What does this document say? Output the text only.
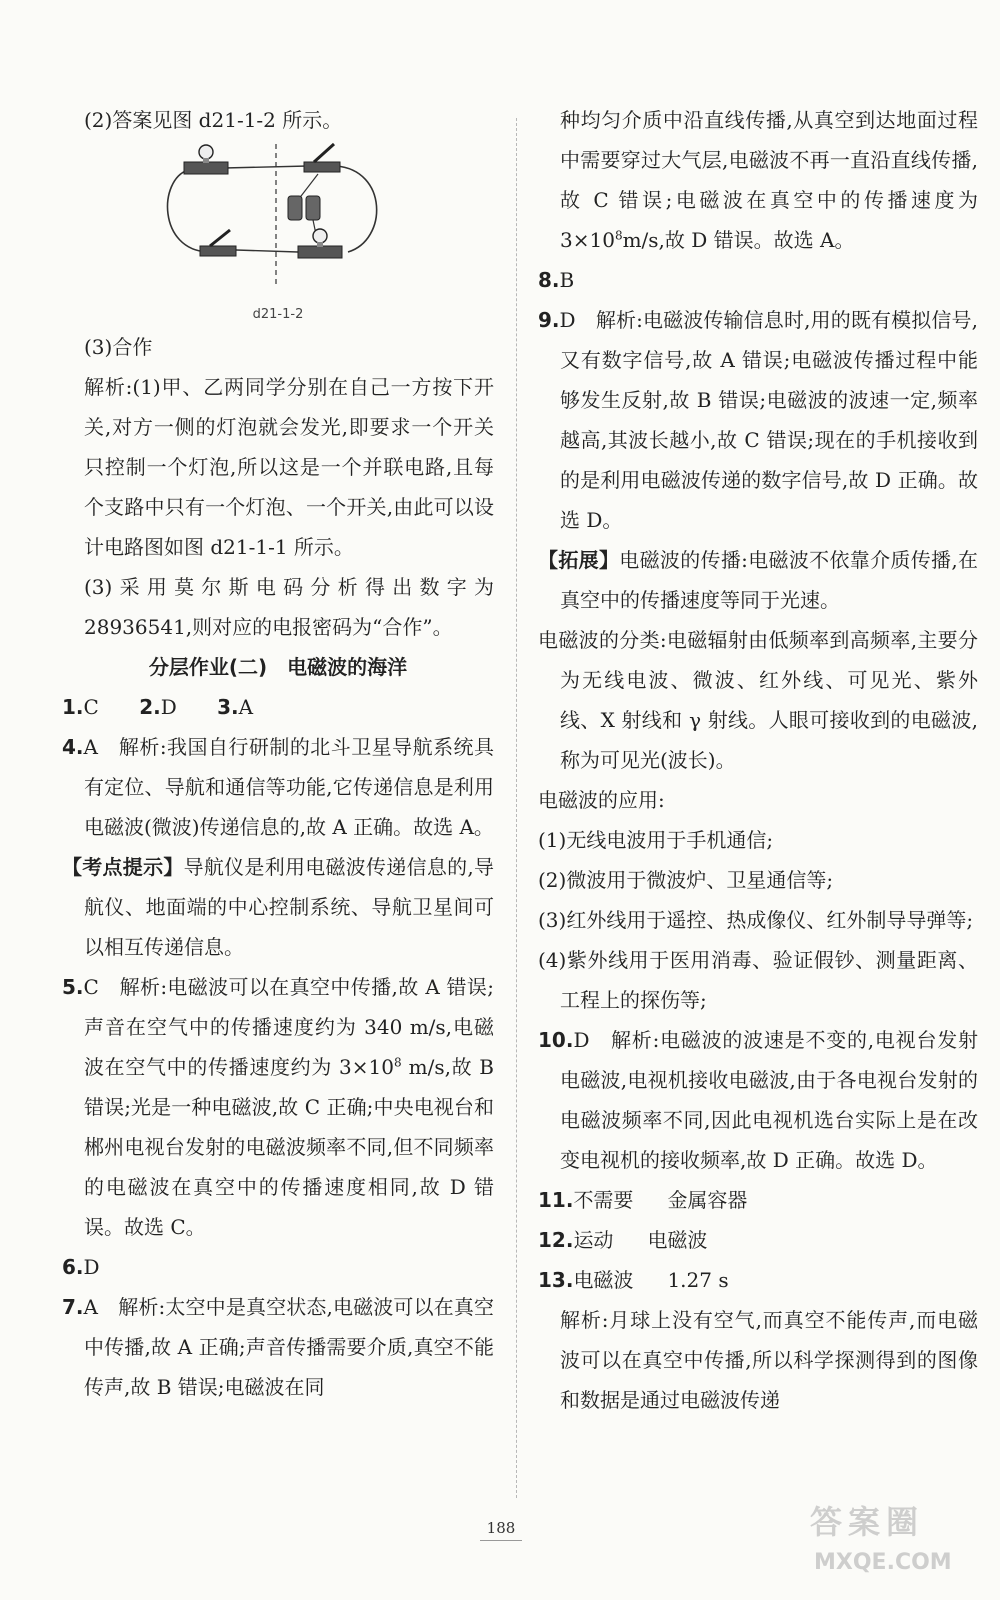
(2)答案见图 d21-1-2 所示。

d21-1-2

(3)合作

解析:(1)甲、乙两同学分别在自己一方按下开关,对方一侧的灯泡就会发光,即要求一个开关只控制一个灯泡,所以这是一个并联电路,且每个支路中只有一个灯泡、一个开关,由此可以设计电路图如图 d21-1-1 所示。

(3)采用莫尔斯电码分析得出数字为 28936541,则对应的电报密码为“合作”。

分层作业(二)　电磁波的海洋

1.C 2.D 3.A

4.A　 解析:我国自行研制的北斗卫星导航系统具有定位、导航和通信等功能,它传递信息是利用电磁波(微波)传递信息的,故 A 正确。故选 A。

【考点提示】导航仪是利用电磁波传递信息的,导航仪、地面端的中心控制系统、导航卫星间可以相互传递信息。

5.C　 解析:电磁波可以在真空中传播,故 A 错误;声音在空气中的传播速度约为 340 m/s,电磁波在空气中的传播速度约为 $3\times 10^8$ m/s,故 B 错误;光是一种电磁波,故 C 正确;中央电视台和郴州电视台发射的电磁波频率不同,但不同频率的电磁波在真空中的传播速度相同,故 D 错误。故选 C。

6.D

7.A　 解析:太空中是真空状态,电磁波可以在真空中传播,故 A 正确;声音传播需要介质,真空不能传声,故 B 错误;电磁波在同

种均匀介质中沿直线传播,从真空到达地面过程中需要穿过大气层,电磁波不再一直沿直线传播,故 C 错误;电磁波在真空中的传播速度为 $3\times 10^8m/s$,故 D 错误。故选 A。

8.B

9.D　 解析:电磁波传输信息时,用的既有模拟信号,又有数字信号,故 A 错误;电磁波传播过程中能够发生反射,故 B 错误;电磁波的波速一定,频率越高,其波长越小,故 C 错误;现在的手机接收到的是利用电磁波传递的数字信号,故 D 正确。故选 D。

【拓展】电磁波的传播:电磁波不依靠介质传播,在真空中的传播速度等同于光速。

电磁波的分类:电磁辐射由低频率到高频率,主要分为无线电波、微波、红外线、可见光、紫外线、X 射线和 γ 射线。人眼可接收到的电磁波,称为可见光(波长)。

电磁波的应用:

(1)无线电波用于手机通信;

(2)微波用于微波炉、卫星通信等;

(3)红外线用于遥控、热成像仪、红外制导导弹等;

(4)紫外线用于医用消毒、验证假钞、测量距离、工程上的探伤等;

10.D　 解析:电磁波的波速是不变的,电视台发射电磁波,电视机接收电磁波,由于各电视台发射的电磁波频率不同,因此电视机选台实际上是在改变电视机的接收频率,故 D 正确。故选 D。

11.不需要 金属容器

12.运动 电磁波

13.电磁波 1.27 s

解析:月球上没有空气,而真空不能传声,而电磁波可以在真空中传播,所以科学探测得到的图像和数据是通过电磁波传递

188	答案圈
MXQE.COM
